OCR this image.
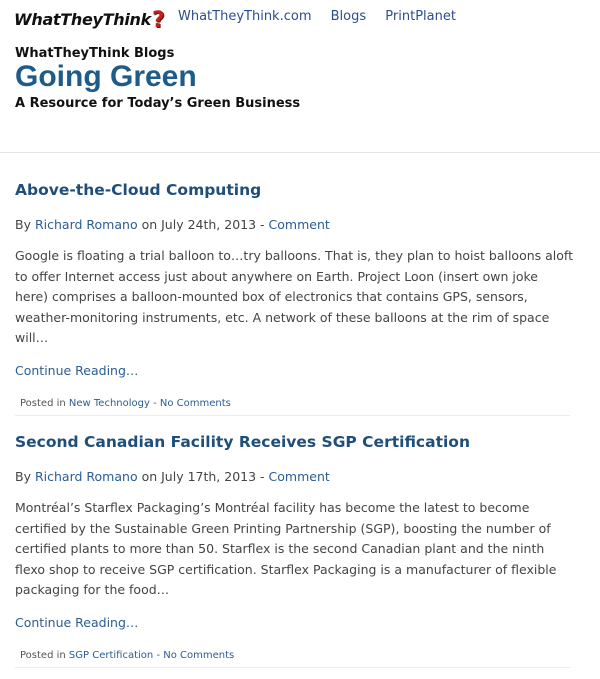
WhatTheyThink? WhatTheyThink.com Blogs PrintPlanet
WhatTheyThink Blogs
Going Green
A Resource for Today’s Green Business
Above-the-Cloud Computing
By Richard Romano on July 24th, 2013 - Comment
Google is floating a trial balloon to…try balloons. That is, they plan to hoist balloons aloft to offer Internet access just about anywhere on Earth. Project Loon (insert own joke here) comprises a balloon-mounted box of electronics that contains GPS, sensors, weather-monitoring instruments, etc. A network of these balloons at the rim of space will…
Continue Reading…
Posted in New Technology - No Comments
Second Canadian Facility Receives SGP Certification
By Richard Romano on July 17th, 2013 - Comment
Montréal’s Starflex Packaging’s Montréal facility has become the latest to become certified by the Sustainable Green Printing Partnership (SGP), boosting the number of certified plants to more than 50. Starflex is the second Canadian plant and the ninth flexo shop to receive SGP certification. Starflex Packaging is a manufacturer of flexible packaging for the food…
Continue Reading…
Posted in SGP Certification - No Comments
